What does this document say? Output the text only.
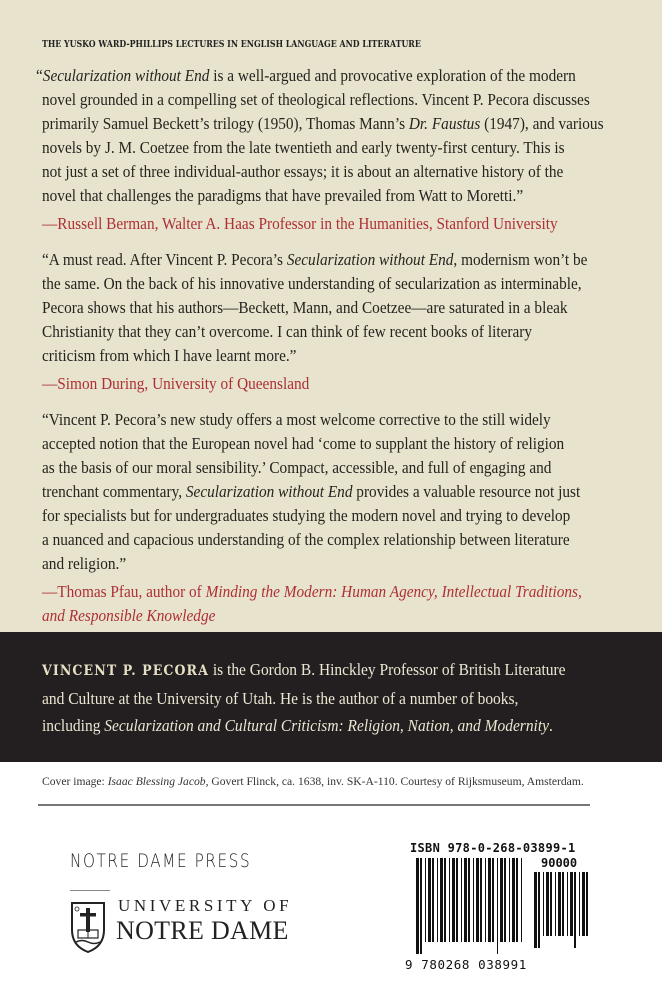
THE YUSKO WARD-PHILLIPS LECTURES IN ENGLISH LANGUAGE AND LITERATURE
“Secularization without End is a well-argued and provocative exploration of the modern
novel grounded in a compelling set of theological reflections. Vincent P. Pecora discusses
primarily Samuel Beckett’s trilogy (1950), Thomas Mann’s Dr. Faustus (1947), and various
novels by J. M. Coetzee from the late twentieth and early twenty-first century. This is
not just a set of three individual-author essays; it is about an alternative history of the
novel that challenges the paradigms that have prevailed from Watt to Moretti.”
—Russell Berman, Walter A. Haas Professor in the Humanities, Stanford University
“A must read. After Vincent P. Pecora’s Secularization without End, modernism won’t be
the same. On the back of his innovative understanding of secularization as interminable,
Pecora shows that his authors—Beckett, Mann, and Coetzee—are saturated in a bleak
Christianity that they can’t overcome. I can think of few recent books of literary
criticism from which I have learnt more.”
—Simon During, University of Queensland
“Vincent P. Pecora’s new study offers a most welcome corrective to the still widely
accepted notion that the European novel had ‘come to supplant the history of religion
as the basis of our moral sensibility.’ Compact, accessible, and full of engaging and
trenchant commentary, Secularization without End provides a valuable resource not just
for specialists but for undergraduates studying the modern novel and trying to develop
a nuanced and capacious understanding of the complex relationship between literature
and religion.”
—Thomas Pfau, author of Minding the Modern: Human Agency, Intellectual Traditions,
and Responsible Knowledge
VINCENT P. PECORA is the Gordon B. Hinckley Professor of British Literature
and Culture at the University of Utah. He is the author of a number of books,
including Secularization and Cultural Criticism: Religion, Nation, and Modernity.
Cover image: Isaac Blessing Jacob, Govert Flinck, ca. 1638, inv. SK-A-110. Courtesy of Rijksmuseum, Amsterdam.
NOTRE DAME PRESS
UNIVERSITY OF
NOTRE DAME
ISBN 978-0-268-03899-1
90000
9 780268 038991
